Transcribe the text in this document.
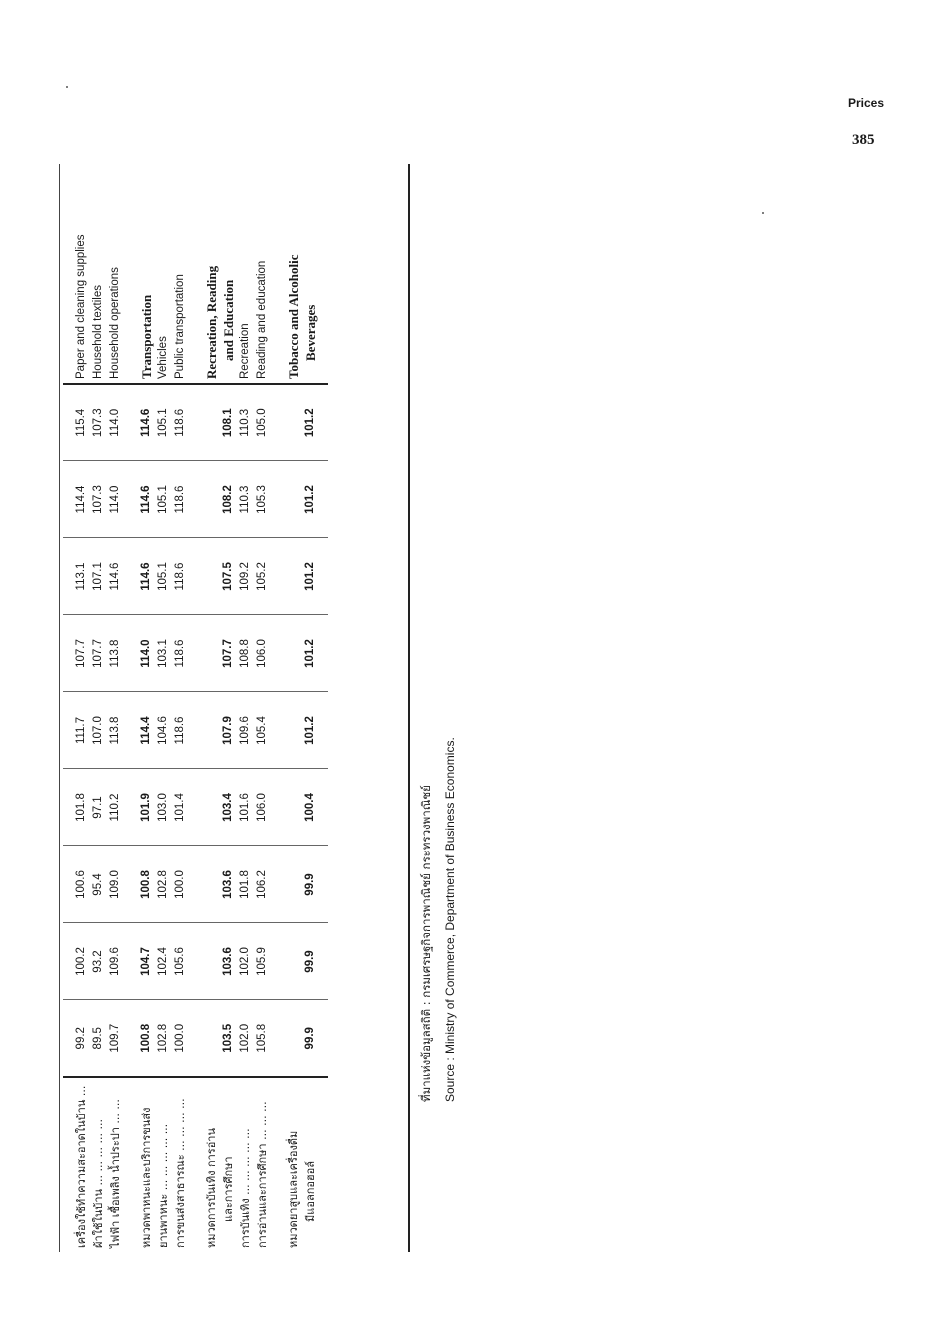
Prices
385
เครื่องใช้ทำความสะอาดในบ้าน ...	99.2	100.2	100.6	101.8	111.7	107.7	113.1	114.4	115.4	Paper and cleaning supplies
ผ้าใช้ในบ้าน ... ... ... ... ...	89.5	93.2	95.4	97.1	107.0	107.7	107.1	107.3	107.3	Household textiles
ไฟฟ้า เชื้อเพลิง น้ำประปา ... ...	109.7	109.6	109.0	110.2	113.8	113.8	114.6	114.0	114.0	Household operations

หมวดพาหนะและบริการขนส่ง	100.8	104.7	100.8	101.9	114.4	114.0	114.6	114.6	114.6	Transportation
ยานพาหนะ ... ... ... ... ...	102.8	102.4	102.8	103.0	104.6	103.1	105.1	105.1	105.1	Vehicles
การขนส่งสาธารณะ ... ... ... ...	100.0	105.6	100.0	101.4	118.6	118.6	118.6	118.6	118.6	Public transportation

หมวดการบันเทิง การอ่าน										Recreation, Reading
และการศึกษา	103.5	103.6	103.6	103.4	107.9	107.7	107.5	108.2	108.1	and Education
การบันเทิง ... ... ... ... ...	102.0	102.0	101.8	101.6	109.6	108.8	109.2	110.3	110.3	Recreation
การอ่านและการศึกษา ... ... ...	105.8	105.9	106.2	106.0	105.4	106.0	105.2	105.3	105.0	Reading and education

หมวดยาสูบและเครื่องดื่ม										Tobacco and Alcoholic
มีแอลกอฮอล์	99.9	99.9	99.9	100.4	101.2	101.2	101.2	101.2	101.2	Beverages

ที่มาแห่งข้อมูลสถิติ : กรมเศรษฐกิจการพาณิชย์ กระทรวงพาณิชย์ Source : Ministry of Commerce, Department of Business Economics.
